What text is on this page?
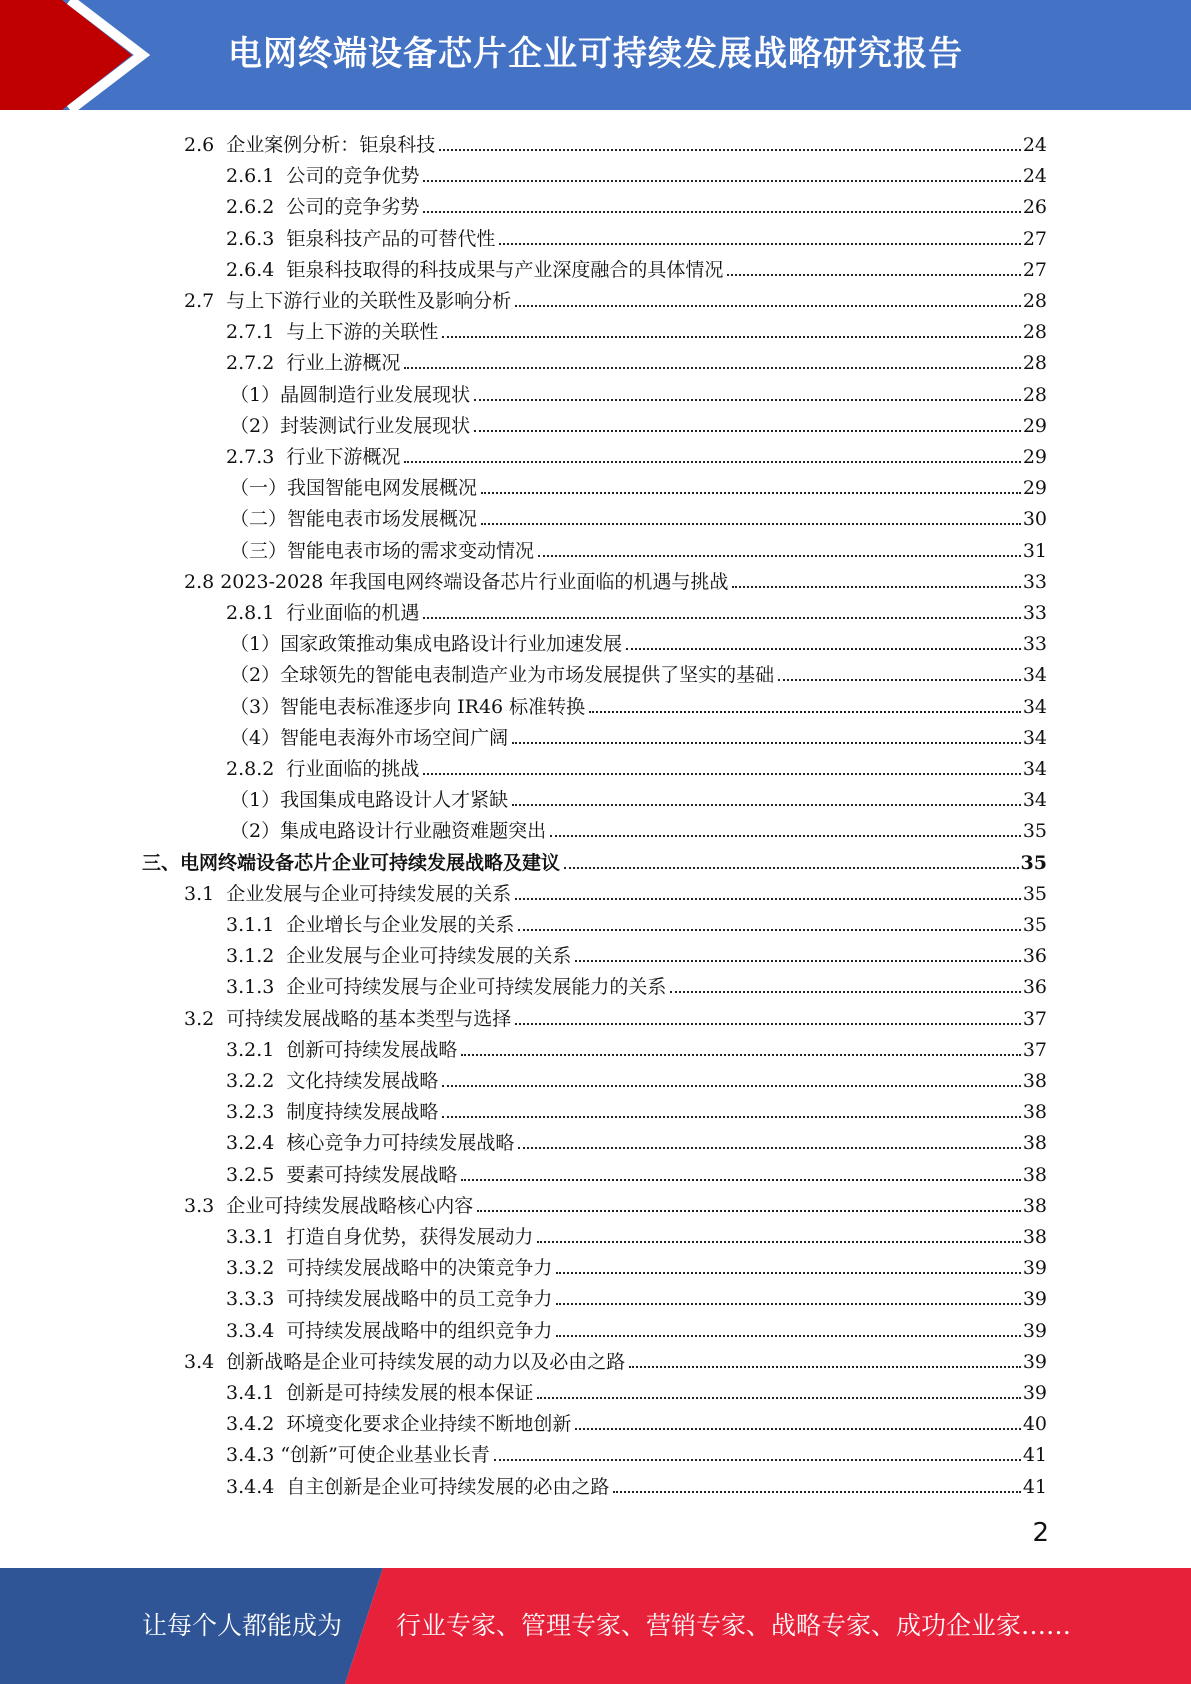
电网终端设备芯片企业可持续发展战略研究报告
2.6 企业案例分析：钜泉科技	24
2.6.1 公司的竞争优势	24
2.6.2 公司的竞争劣势	26
2.6.3 钜泉科技产品的可替代性	27
2.6.4 钜泉科技取得的科技成果与产业深度融合的具体情况	27
2.7 与上下游行业的关联性及影响分析	28
2.7.1 与上下游的关联性	28
2.7.2 行业上游概况	28
（1）晶圆制造行业发展现状	28
（2）封装测试行业发展现状	29
2.7.3 行业下游概况	29
（一）我国智能电网发展概况	29
（二）智能电表市场发展概况	30
（三）智能电表市场的需求变动情况	31
2.8 2023-2028 年我国电网终端设备芯片行业面临的机遇与挑战	33
2.8.1 行业面临的机遇	33
（1）国家政策推动集成电路设计行业加速发展	33
（2）全球领先的智能电表制造产业为市场发展提供了坚实的基础	34
（3）智能电表标准逐步向 IR46 标准转换	34
（4）智能电表海外市场空间广阔	34
2.8.2 行业面临的挑战	34
（1）我国集成电路设计人才紧缺	34
（2）集成电路设计行业融资难题突出	35
三、电网终端设备芯片企业可持续发展战略及建议	35
3.1 企业发展与企业可持续发展的关系	35
3.1.1 企业增长与企业发展的关系	35
3.1.2 企业发展与企业可持续发展的关系	36
3.1.3 企业可持续发展与企业可持续发展能力的关系	36
3.2 可持续发展战略的基本类型与选择	37
3.2.1 创新可持续发展战略	37
3.2.2 文化持续发展战略	38
3.2.3 制度持续发展战略	38
3.2.4 核心竞争力可持续发展战略	38
3.2.5 要素可持续发展战略	38
3.3 企业可持续发展战略核心内容	38
3.3.1 打造自身优势，获得发展动力	38
3.3.2 可持续发展战略中的决策竞争力	39
3.3.3 可持续发展战略中的员工竞争力	39
3.3.4 可持续发展战略中的组织竞争力	39
3.4 创新战略是企业可持续发展的动力以及必由之路	39
3.4.1 创新是可持续发展的根本保证	39
3.4.2 环境变化要求企业持续不断地创新	40
3.4.3 “创新”可使企业基业长青	41
3.4.4 自主创新是企业可持续发展的必由之路	41
2
让每个人都能成为 行业专家、管理专家、营销专家、战略专家、成功企业家……
